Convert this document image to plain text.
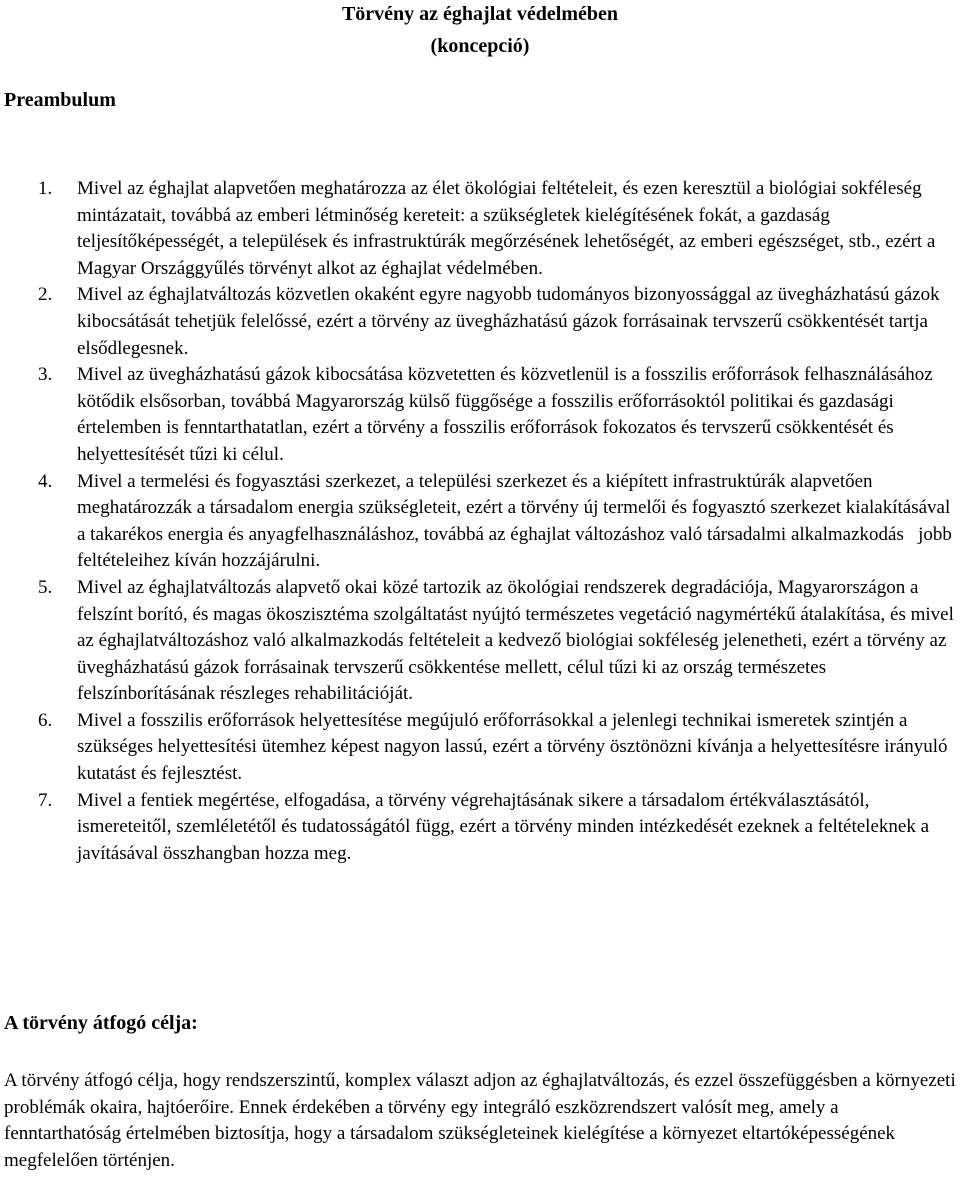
Törvény az éghajlat védelmében
(koncepció)
Preambulum
1. Mivel az éghajlat alapvetően meghatározza az élet ökológiai feltételeit, és ezen keresztül a biológiai sokféleség mintázatait, továbbá az emberi létminőség kereteit: a szükségletek kielégítésének fokát, a gazdaság teljesítőképességét, a települések és infrastruktúrák megőrzésének lehetőségét, az emberi egészséget, stb., ezért a Magyar Országgyűlés törvényt alkot az éghajlat védelmében.
2. Mivel az éghajlatváltozás közvetlen okaként egyre nagyobb tudományos bizonyossággal az üvegházhatású gázok kibocsátását tehetjük felelőssé, ezért a törvény az üvegházhatású gázok forrásainak tervszerű csökkentését tartja elsődlegesnek.
3. Mivel az üvegházhatású gázok kibocsátása közvetetten és közvetlenül is a fosszilis erőforrások felhasználásához kötődik elsősorban, továbbá Magyarország külső függősége a fosszilis erőforrásoktól politikai és gazdasági értelemben is fenntarthatatlan, ezért a törvény a fosszilis erőforrások fokozatos és tervszerű csökkentését és helyettesítését tűzi ki célul.
4. Mivel a termelési és fogyasztási szerkezet, a települési szerkezet és a kiépített infrastruktúrák alapvetően meghatározzák a társadalom energia szükségleteit, ezért a törvény új termelői és fogyasztó szerkezet kialakításával a takarékos energia és anyagfelhasználáshoz, továbbá az éghajlat változáshoz való társadalmi alkalmazkodás   jobb feltételeihez kíván hozzájárulni.
5. Mivel az éghajlatváltozás alapvető okai közé tartozik az ökológiai rendszerek degradációja, Magyarországon a felszínt borító, és magas ökoszisztéma szolgáltatást nyújtó természetes vegetáció nagymértékű átalakítása, és mivel az éghajlatváltozáshoz való alkalmazkodás feltételeit a kedvező biológiai sokféleség jelenetheti, ezért a törvény az üvegházhatású gázok forrásainak tervszerű csökkentése mellett, célul tűzi ki az ország természetes felszínborításának részleges rehabilitációját.
6. Mivel a fosszilis erőforrások helyettesítése megújuló erőforrásokkal a jelenlegi technikai ismeretek szintjén a szükséges helyettesítési ütemhez képest nagyon lassú, ezért a törvény ösztönözni kívánja a helyettesítésre irányuló kutatást és fejlesztést.
7. Mivel a fentiek megértése, elfogadása, a törvény végrehajtásának sikere a társadalom értékválasztásától, ismereteitől, szemléletétől és tudatosságától függ, ezért a törvény minden intézkedését ezeknek a feltételeknek a javításával összhangban hozza meg.
A törvény átfogó célja:

A törvény átfogó célja, hogy rendszerszintű, komplex választ adjon az éghajlatváltozás, és ezzel összefüggésben a környezeti problémák okaira, hajtóerőire. Ennek érdekében a törvény egy integráló eszközrendszert valósít meg, amely a fenntarthatóság értelmében biztosítja, hogy a társadalom szükségleteinek kielégítése a környezet eltartóképességének megfelelően történjen.
